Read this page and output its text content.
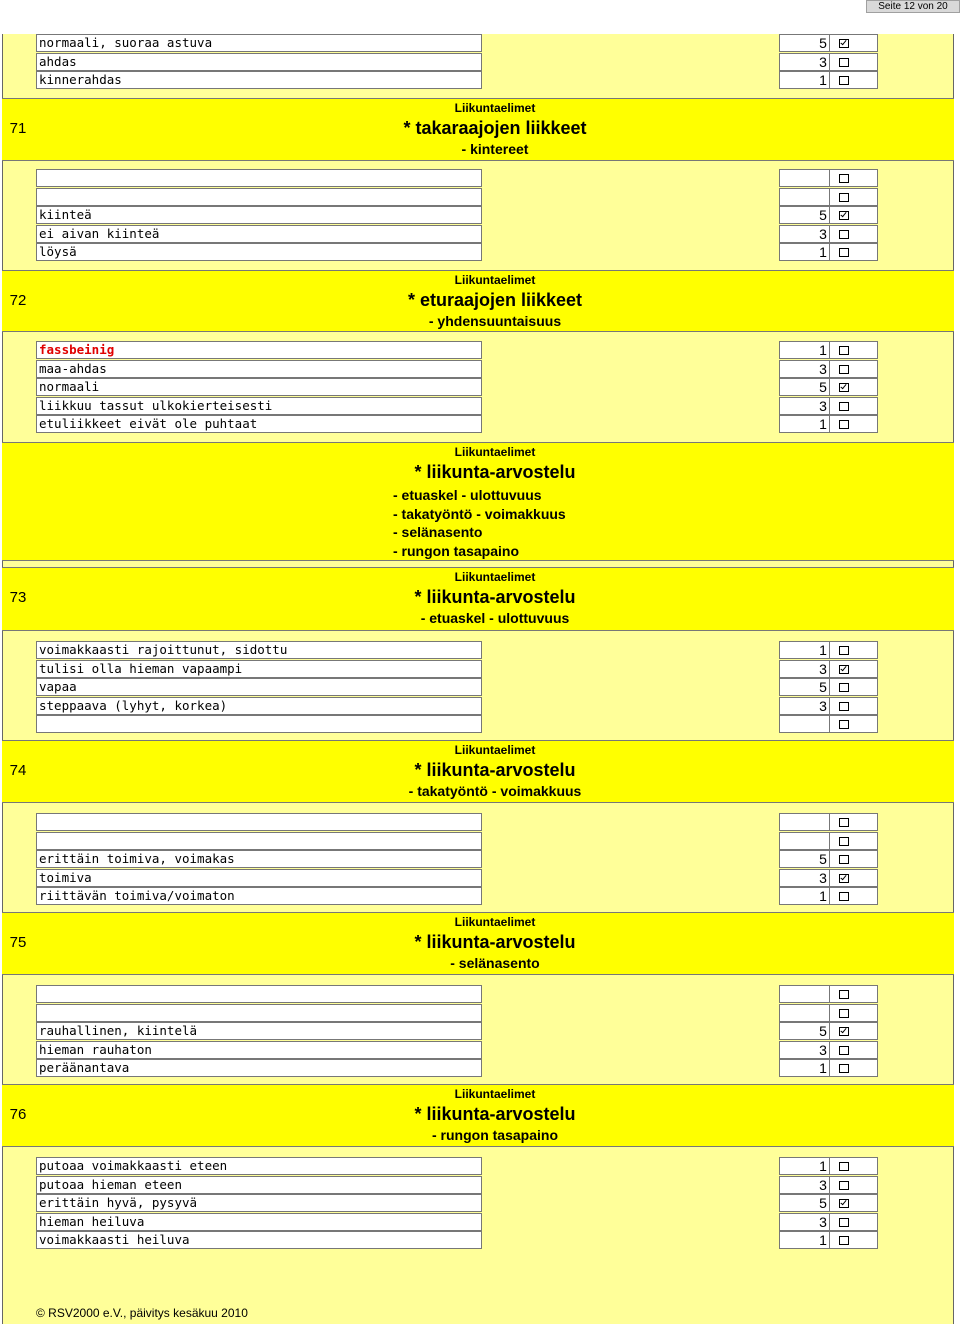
Seite 12 von 20
normaali, suoraa astuva	5
ahdas	3
kinnerahdas	1
71
Liikuntaelimet
* takaraajojen liikkeet
- kintereet
kiinteä	5
ei aivan kiinteä	3
löysä	1
72
Liikuntaelimet
* eturaajojen liikkeet
- yhdensuuntaisuus
fassbeinig	1
maa-ahdas	3
normaali	5
liikkuu tassut ulkokierteisesti	3
etuliikkeet eivät ole puhtaat	1
Liikuntaelimet
* liikunta-arvostelu
- etuaskel - ulottuvuus
- takatyöntö - voimakkuus
- selänasento
- rungon tasapaino
73
Liikuntaelimet
* liikunta-arvostelu
- etuaskel - ulottuvuus
voimakkaasti rajoittunut, sidottu	1
tulisi olla hieman vapaampi	3
vapaa	5
steppaava (lyhyt, korkea)	3
74
Liikuntaelimet
* liikunta-arvostelu
- takatyöntö - voimakkuus
erittäin toimiva, voimakas	5
toimiva	3
riittävän toimiva/voimaton	1
75
Liikuntaelimet
* liikunta-arvostelu
- selänasento
rauhallinen, kiintelä	5
hieman rauhaton	3
peräänantava	1
76
Liikuntaelimet
* liikunta-arvostelu
- rungon tasapaino
putoaa voimakkaasti eteen	1
putoaa hieman eteen	3
erittäin hyvä, pysyvä	5
hieman heiluva	3
voimakkaasti heiluva	1
© RSV2000 e.V., päivitys kesäkuu 2010
